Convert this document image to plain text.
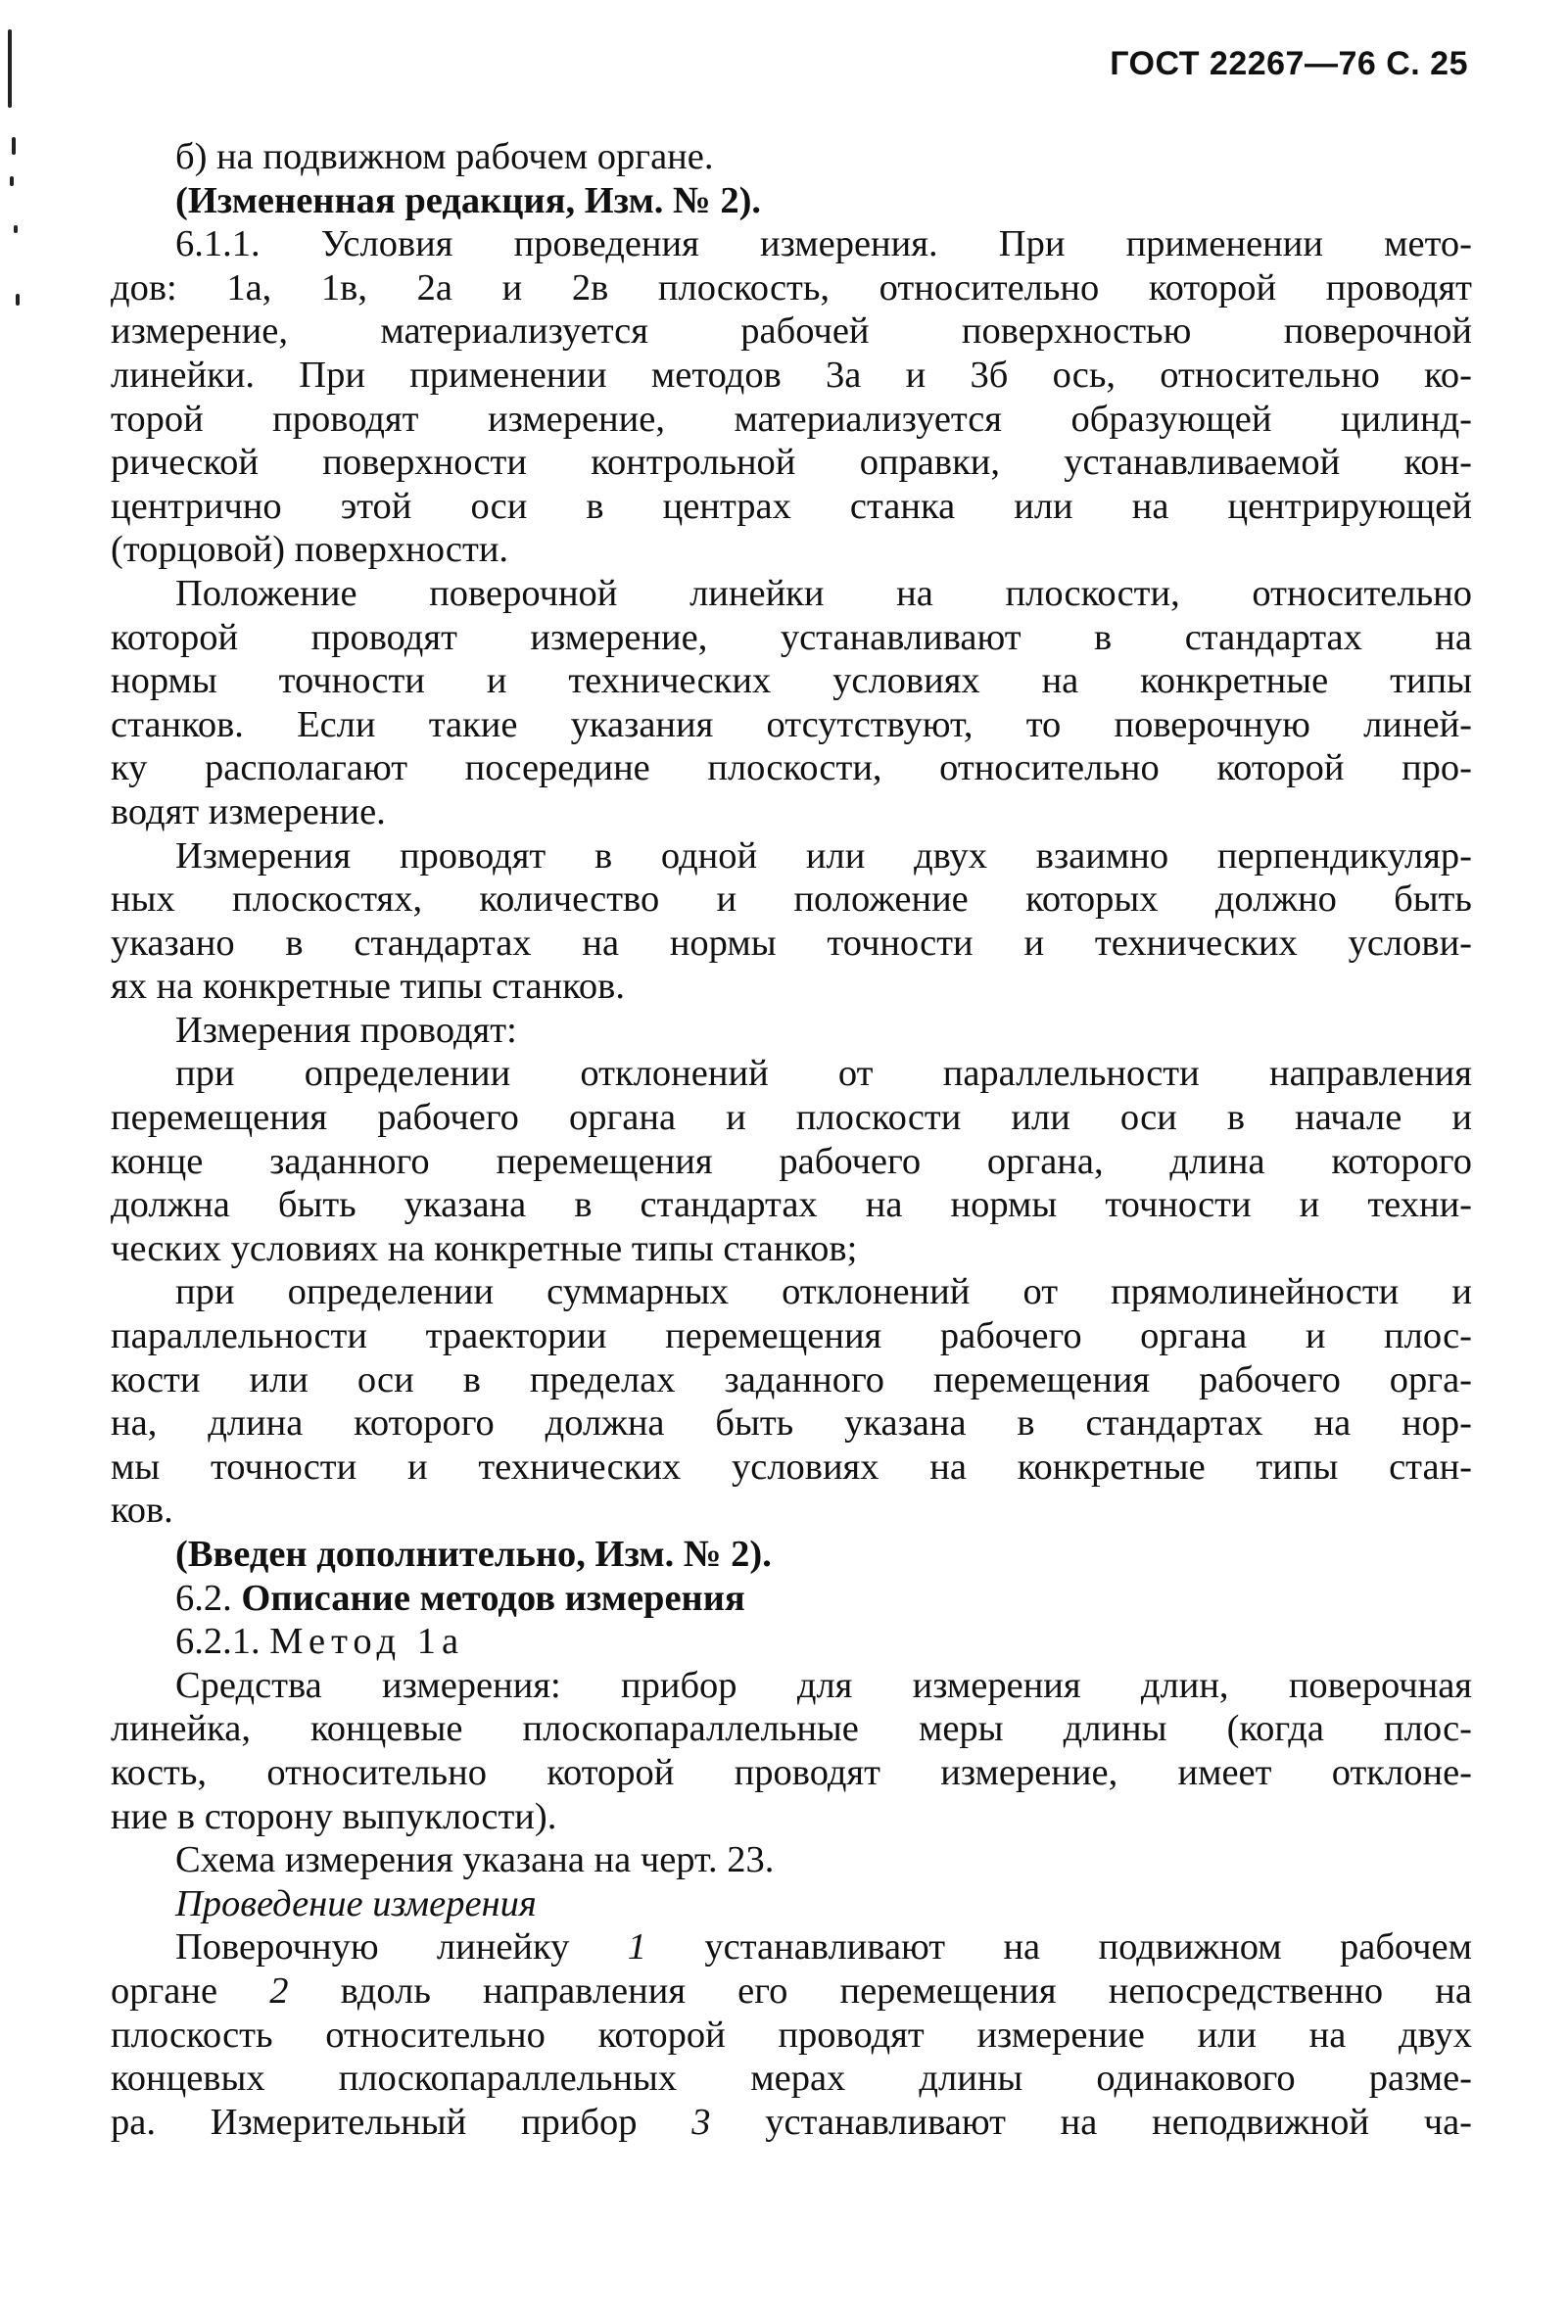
ГОСТ 22267—76 С. 25
б) на подвижном рабочем органе.
(Измененная редакция, Изм. № 2).
6.1.1. Условия проведения измерения. При применении мето-
дов: 1а, 1в, 2а и 2в плоскость, относительно которой проводят
измерение, материализуется рабочей поверхностью поверочной
линейки. При применении методов 3а и 3б ось, относительно ко-
торой проводят измерение, материализуется образующей цилинд-
рической поверхности контрольной оправки, устанавливаемой кон-
центрично этой оси в центрах станка или на центрирующей
(торцовой) поверхности.
Положение поверочной линейки на плоскости, относительно
которой проводят измерение, устанавливают в стандартах на
нормы точности и технических условиях на конкретные типы
станков. Если такие указания отсутствуют, то поверочную линей-
ку располагают посередине плоскости, относительно которой про-
водят измерение.
Измерения проводят в одной или двух взаимно перпендикуляр-
ных плоскостях, количество и положение которых должно быть
указано в стандартах на нормы точности и технических услови-
ях на конкретные типы станков.
Измерения проводят:
при определении отклонений от параллельности направления
перемещения рабочего органа и плоскости или оси в начале и
конце заданного перемещения рабочего органа, длина которого
должна быть указана в стандартах на нормы точности и техни-
ческих условиях на конкретные типы станков;
при определении суммарных отклонений от прямолинейности и
параллельности траектории перемещения рабочего органа и плос-
кости или оси в пределах заданного перемещения рабочего орга-
на, длина которого должна быть указана в стандартах на нор-
мы точности и технических условиях на конкретные типы стан-
ков.
(Введен дополнительно, Изм. № 2).
6.2. Описание методов измерения
6.2.1. Метод 1а
Средства измерения: прибор для измерения длин, поверочная
линейка, концевые плоскопараллельные меры длины (когда плос-
кость, относительно которой проводят измерение, имеет отклоне-
ние в сторону выпуклости).
Схема измерения указана на черт. 23.
Проведение измерения
Поверочную линейку 1 устанавливают на подвижном рабочем
органе 2 вдоль направления его перемещения непосредственно на
плоскость относительно которой проводят измерение или на двух
концевых плоскопараллельных мерах длины одинакового разме-
ра. Измерительный прибор 3 устанавливают на неподвижной ча-
